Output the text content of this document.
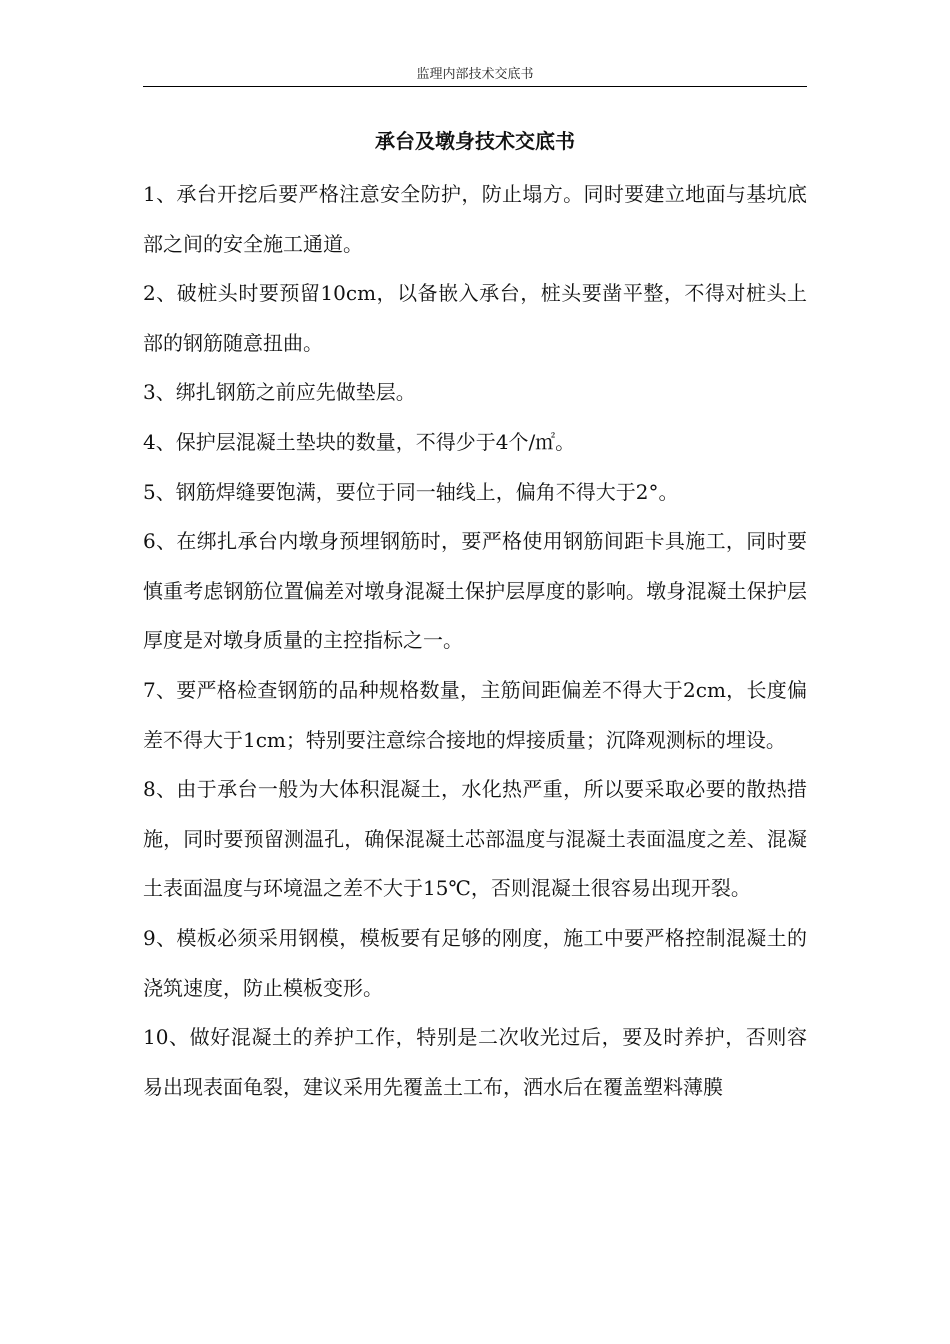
监理内部技术交底书
承台及墩身技术交底书

1、承台开挖后要严格注意安全防护，防止塌方。同时要建立地面与基坑底部之间的安全施工通道。

2、破桩头时要预留10cm，以备嵌入承台，桩头要凿平整，不得对桩头上部的钢筋随意扭曲。

3、绑扎钢筋之前应先做垫层。

4、保护层混凝土垫块的数量，不得少于4个/㎡。

5、钢筋焊缝要饱满，要位于同一轴线上，偏角不得大于2°。

6、在绑扎承台内墩身预埋钢筋时，要严格使用钢筋间距卡具施工，同时要慎重考虑钢筋位置偏差对墩身混凝土保护层厚度的影响。墩身混凝土保护层厚度是对墩身质量的主控指标之一。

7、要严格检查钢筋的品种规格数量，主筋间距偏差不得大于2cm，长度偏差不得大于1cm；特别要注意综合接地的焊接质量；沉降观测标的埋设。

8、由于承台一般为大体积混凝土，水化热严重，所以要采取必要的散热措施，同时要预留测温孔，确保混凝土芯部温度与混凝土表面温度之差、混凝土表面温度与环境温之差不大于15℃，否则混凝土很容易出现开裂。

9、模板必须采用钢模，模板要有足够的刚度，施工中要严格控制混凝土的浇筑速度，防止模板变形。

10、做好混凝土的养护工作，特别是二次收光过后，要及时养护，否则容易出现表面龟裂，建议采用先覆盖土工布，洒水后在覆盖塑料薄膜
